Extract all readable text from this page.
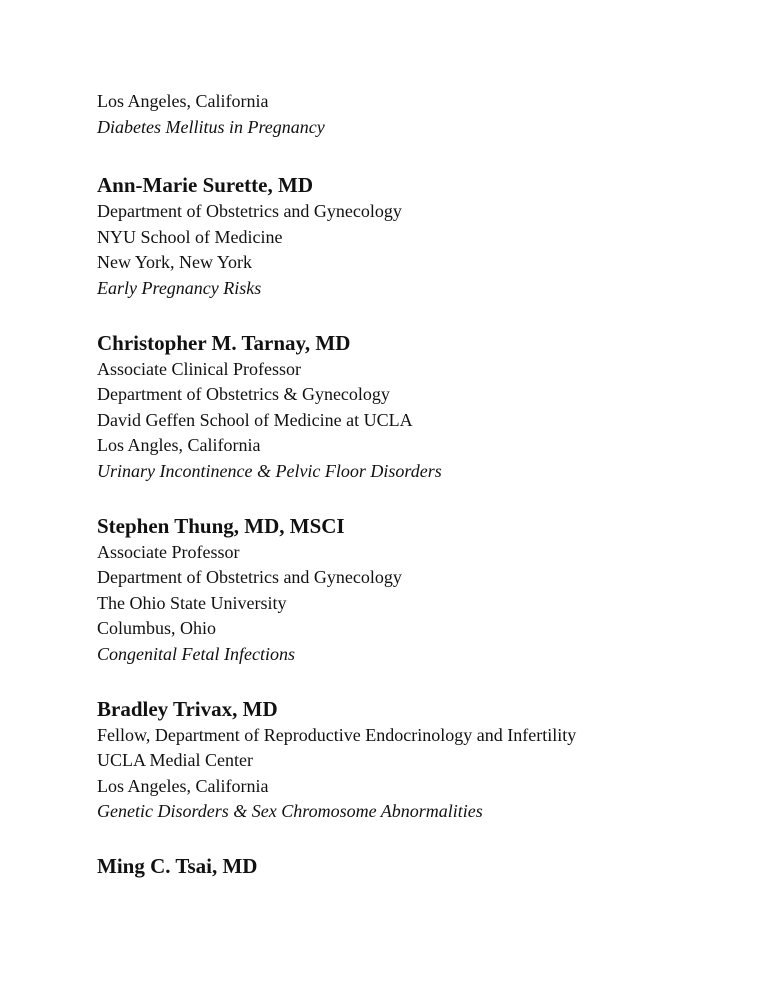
Los Angeles, California

Diabetes Mellitus in Pregnancy

Ann-Marie Surette, MD

Department of Obstetrics and Gynecology

NYU School of Medicine

New York, New York

Early Pregnancy Risks

Christopher M. Tarnay, MD

Associate Clinical Professor

Department of Obstetrics & Gynecology

David Geffen School of Medicine at UCLA

Los Angles, California

Urinary Incontinence & Pelvic Floor Disorders

Stephen Thung, MD, MSCI

Associate Professor

Department of Obstetrics and Gynecology

The Ohio State University

Columbus, Ohio

Congenital Fetal Infections

Bradley Trivax, MD

Fellow, Department of Reproductive Endocrinology and Infertility

UCLA Medial Center

Los Angeles, California

Genetic Disorders & Sex Chromosome Abnormalities

Ming C. Tsai, MD
